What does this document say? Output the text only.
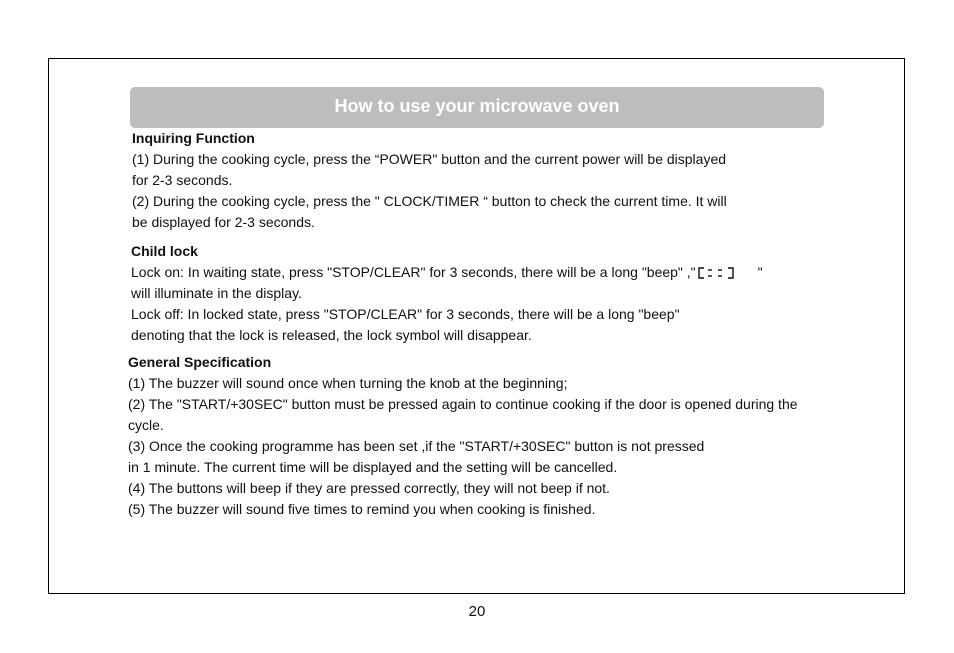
How to use your microwave oven
Inquiring Function
(1) During the cooking cycle, press the “POWER" button and the current power will be displayed
for 2-3 seconds.
(2) During the cooking cycle, press the " CLOCK/TIMER “ button to check the current time. It will
be displayed for 2-3 seconds.
Child lock
Lock on: In waiting state, press "STOP/CLEAR" for 3 seconds, there will be a long "beep" ,"	"
will illuminate in the display.
Lock off: In locked state, press "STOP/CLEAR" for 3 seconds, there will be a long "beep"
denoting that the lock is released, the lock symbol will disappear.
General Specification
(1) The buzzer will sound once when turning the knob at the beginning;
(2) The "START/+30SEC" button must be pressed again to continue cooking if the door is opened during the
cycle.
(3) Once the cooking programme has been set ,if the "START/+30SEC" button is not pressed
in 1 minute. The current time will be displayed and the setting will be cancelled.
(4) The buttons will beep if they are pressed correctly, they will not beep if not.
(5) The buzzer will sound five times to remind you when cooking is finished.
20
